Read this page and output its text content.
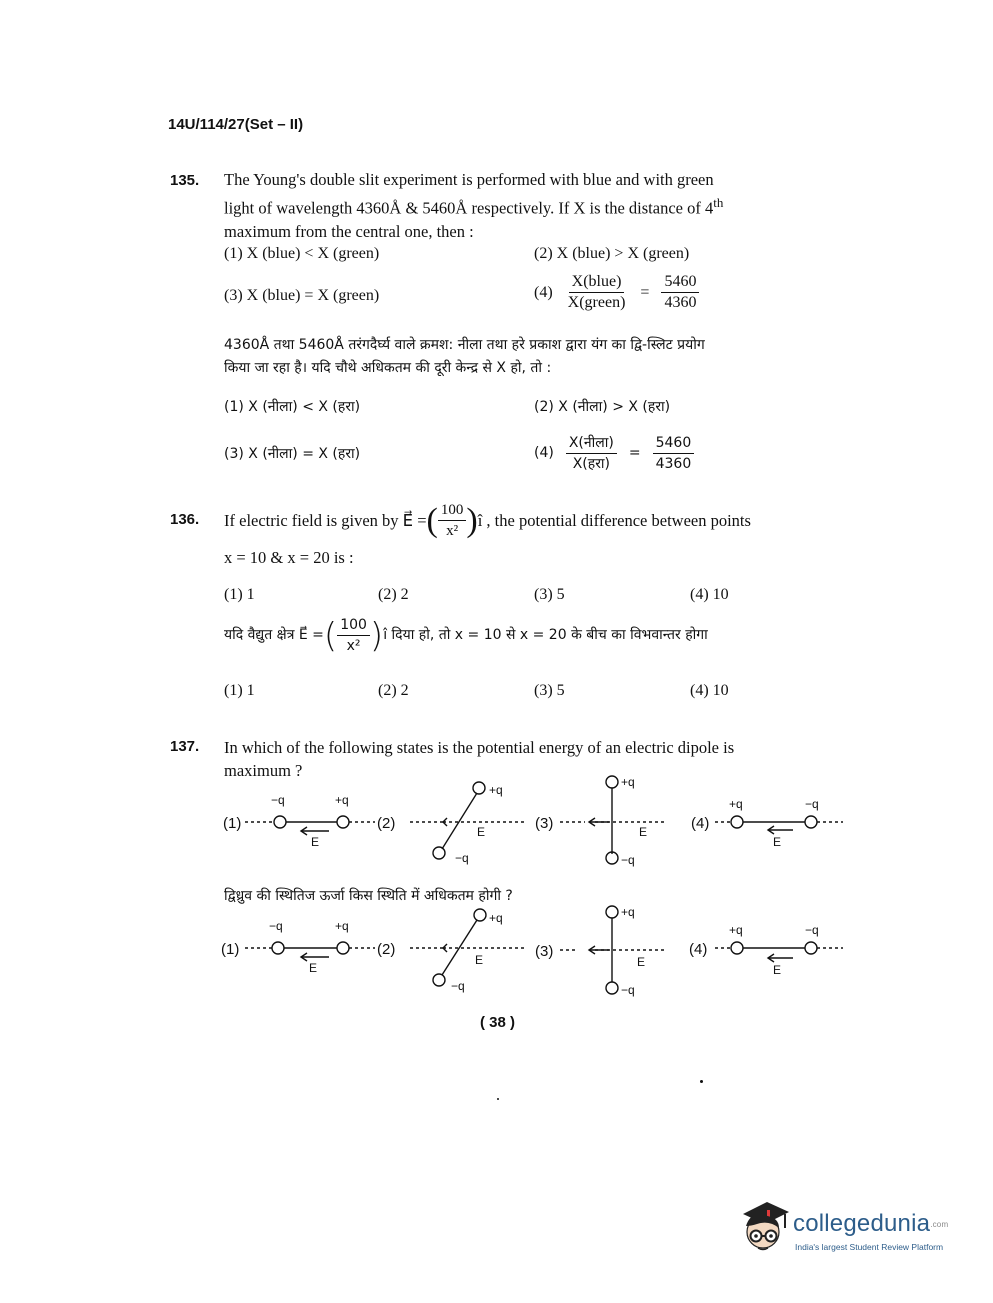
14U/114/27(Set – II)
135. The Young's double slit experiment is performed with blue and with green
light of wavelength 4360Å & 5460Å respectively. If X is the distance of 4th
maximum from the central one, then :
(1) X (blue) < X (green)	(2) X (blue) > X (green)
(3) X (blue) = X (green)	$(4) \frac{\text{X(blue)}}{\text{X(green)}} = \frac{5460}{4360}$
4360Å तथा 5460Å तरंगदैर्घ्य वाले क्रमश: नीला तथा हरे प्रकाश द्वारा यंग का द्वि-स्लिट प्रयोग
किया जा रहा है। यदि चौथे अधिकतम की दूरी केन्द्र से X हो, तो :
(1) X (नीला) < X (हरा)	(2) X (नीला) > X (हरा)
(3) X (नीला) = X (हरा)	$(4) \frac{\text{X(नीला)}}{\text{X(हरा)}} = \frac{5460}{4360}$
136. If electric field is given by E⃗ = ( $\frac{100}{\text{x²}}$ ) î , the potential difference between points
x = 10 & x = 20 is :
(1) 1	(2) 2	(3) 5	(4) 10
यदि वैद्युत क्षेत्र E⃗ = ( $\frac{100}{\text{x²}}$ ) î दिया हो, तो x = 10 से x = 20 के बीच का विभवान्तर होगा
(1) 1	(2) 2	(3) 5	(4) 10
137. In which of the following states is the potential energy of an electric dipole is
maximum ?
(1)
−q	+q
E
(2)
+q
−q
E	(3)
+q
−q
E	(4)
+q	−q
E
द्विध्रुव की स्थितिज ऊर्जा किस स्थिति में अधिकतम होगी ?
(1)
−q	+q
E
(2)
+q
−q
E	(3)
+q
−q
E
(4)
+q	−q
E
( 38 )
collegedunia.com
India's largest Student Review Platform
